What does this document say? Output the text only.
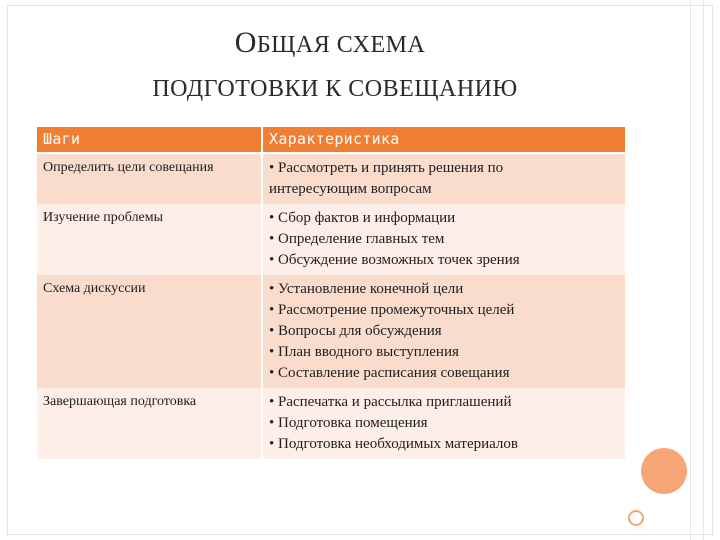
ОБЩАЯ СХЕМА
ПОДГОТОВКИ К СОВЕЩАНИЮ
Шаги	Характеристика
Определить цели совещания	• Рассмотреть и принять решения по
интересующим вопросам

Изучение проблемы	• Сбор фактов и информации
• Определение главных тем
• Обсуждение возможных точек зрения

Схема дискуссии	• Установление конечной цели
• Рассмотрение промежуточных целей
• Вопросы для обсуждения
• План вводного выступления
• Составление расписания совещания

Завершающая подготовка	• Распечатка и рассылка приглашений
• Подготовка помещения
• Подготовка необходимых материалов
